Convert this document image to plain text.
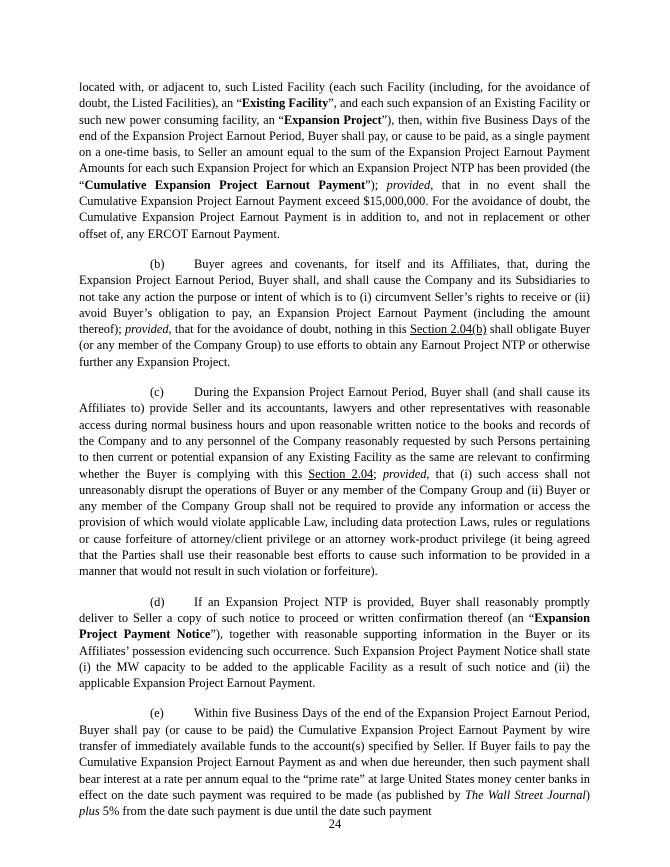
located with, or adjacent to, such Listed Facility (each such Facility (including, for the avoidance of doubt, the Listed Facilities), an “Existing Facility”, and each such expansion of an Existing Facility or such new power consuming facility, an “Expansion Project”), then, within five Business Days of the end of the Expansion Project Earnout Period, Buyer shall pay, or cause to be paid, as a single payment on a one-time basis, to Seller an amount equal to the sum of the Expansion Project Earnout Payment Amounts for each such Expansion Project for which an Expansion Project NTP has been provided (the “Cumulative Expansion Project Earnout Payment”); provided, that in no event shall the Cumulative Expansion Project Earnout Payment exceed $15,000,000. For the avoidance of doubt, the Cumulative Expansion Project Earnout Payment is in addition to, and not in replacement or other offset of, any ERCOT Earnout Payment.

(b) Buyer agrees and covenants, for itself and its Affiliates, that, during the Expansion Project Earnout Period, Buyer shall, and shall cause the Company and its Subsidiaries to not take any action the purpose or intent of which is to (i) circumvent Seller’s rights to receive or (ii) avoid Buyer’s obligation to pay, an Expansion Project Earnout Payment (including the amount thereof); provided, that for the avoidance of doubt, nothing in this Section 2.04(b) shall obligate Buyer (or any member of the Company Group) to use efforts to obtain any Earnout Project NTP or otherwise further any Expansion Project.

(c) During the Expansion Project Earnout Period, Buyer shall (and shall cause its Affiliates to) provide Seller and its accountants, lawyers and other representatives with reasonable access during normal business hours and upon reasonable written notice to the books and records of the Company and to any personnel of the Company reasonably requested by such Persons pertaining to then current or potential expansion of any Existing Facility as the same are relevant to confirming whether the Buyer is complying with this Section 2.04; provided, that (i) such access shall not unreasonably disrupt the operations of Buyer or any member of the Company Group and (ii) Buyer or any member of the Company Group shall not be required to provide any information or access the provision of which would violate applicable Law, including data protection Laws, rules or regulations or cause forfeiture of attorney/client privilege or an attorney work-product privilege (it being agreed that the Parties shall use their reasonable best efforts to cause such information to be provided in a manner that would not result in such violation or forfeiture).

(d) If an Expansion Project NTP is provided, Buyer shall reasonably promptly deliver to Seller a copy of such notice to proceed or written confirmation thereof (an “Expansion Project Payment Notice”), together with reasonable supporting information in the Buyer or its Affiliates’ possession evidencing such occurrence. Such Expansion Project Payment Notice shall state (i) the MW capacity to be added to the applicable Facility as a result of such notice and (ii) the applicable Expansion Project Earnout Payment.

(e) Within five Business Days of the end of the Expansion Project Earnout Period, Buyer shall pay (or cause to be paid) the Cumulative Expansion Project Earnout Payment by wire transfer of immediately available funds to the account(s) specified by Seller. If Buyer fails to pay the Cumulative Expansion Project Earnout Payment as and when due hereunder, then such payment shall bear interest at a rate per annum equal to the “prime rate” at large United States money center banks in effect on the date such payment was required to be made (as published by The Wall Street Journal) plus 5% from the date such payment is due until the date such payment

24
